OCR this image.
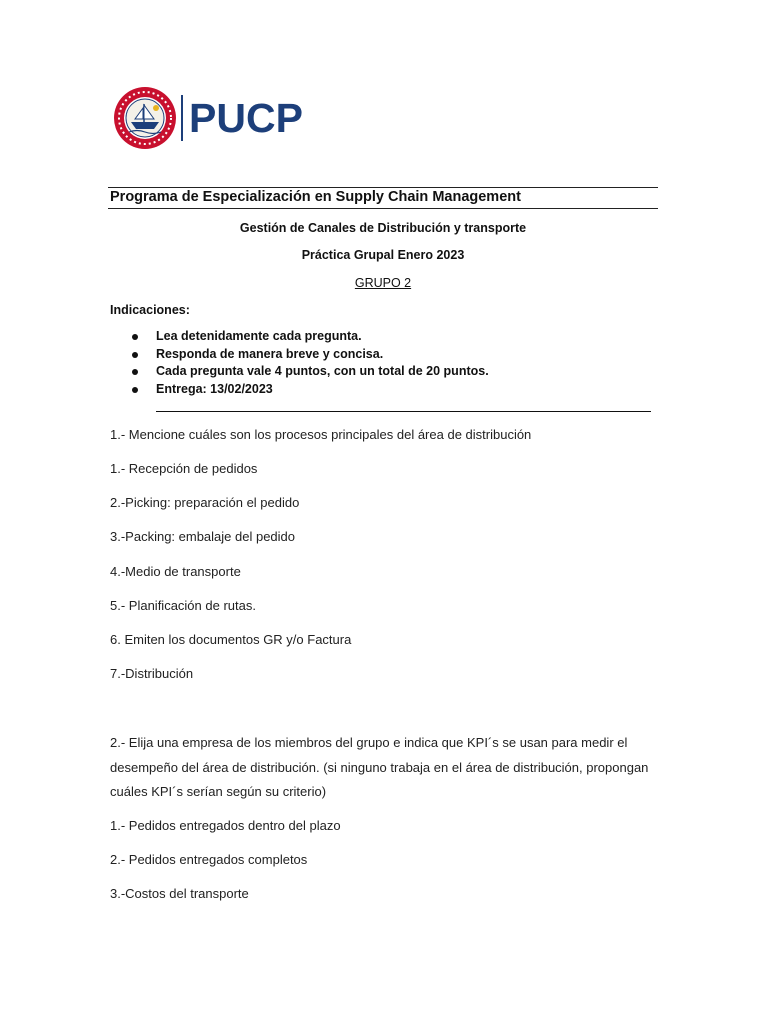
PUCP
Programa de Especialización en Supply Chain Management
Gestión de Canales de Distribución y transporte
Práctica Grupal Enero 2023
GRUPO 2
Indicaciones:
Lea detenidamente cada pregunta.
Responda de manera breve y concisa.
Cada pregunta vale 4 puntos, con un total de 20 puntos.
Entrega: 13/02/2023
1.- Mencione cuáles son los procesos principales del área de distribución
1.- Recepción de pedidos
2.-Picking: preparación el pedido
3.-Packing: embalaje del pedido
4.-Medio de transporte
5.- Planificación de rutas.
6. Emiten los documentos GR y/o Factura
7.-Distribución
2.- Elija una empresa de los miembros del grupo e indica que KPI´s se usan para medir el desempeño del área de distribución. (si ninguno trabaja en el área de distribución, propongan cuáles KPI´s serían según su criterio)
1.- Pedidos entregados dentro del plazo
2.- Pedidos entregados completos
3.-Costos del transporte
